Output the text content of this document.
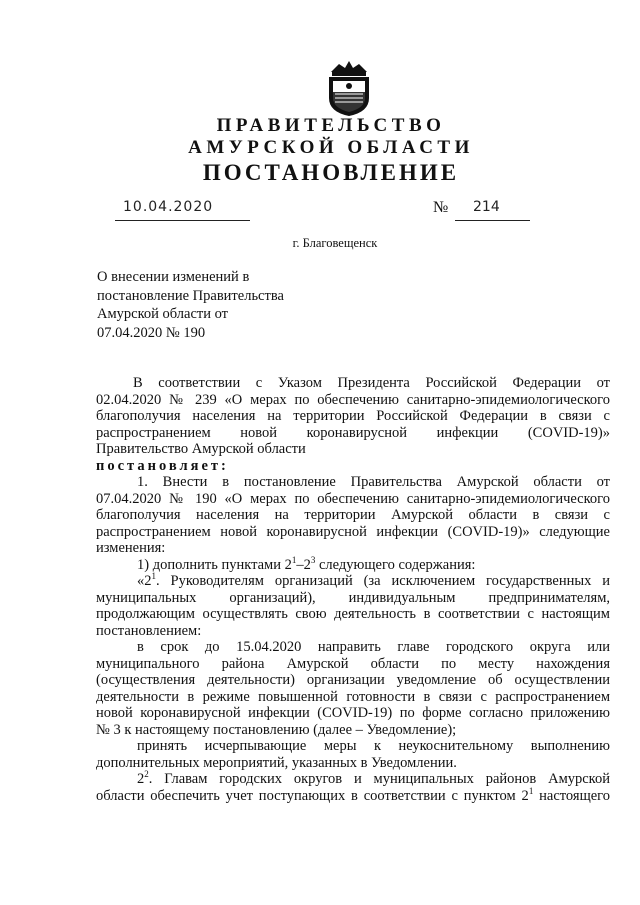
ПРАВИТЕЛЬСТВО
АМУРСКОЙ ОБЛАСТИ
ПОСТАНОВЛЕНИЕ
10.04.2020	№	214
г. Благовещенск
О внесении изменений в
постановление Правительства
Амурской области от
07.04.2020 № 190
В соответствии с Указом Президента Российской Федерации от
02.04.2020 № 239 «О мерах по обеспечению санитарно-эпидемиологического
благополучия населения на территории Российской Федерации в связи с
распространением новой коронавирусной инфекции (COVID-19)»
Правительство Амурской области
постановляет:
1. Внести в постановление Правительства Амурской области от
07.04.2020 № 190 «О мерах по обеспечению санитарно-эпидемиологического
благополучия населения на территории Амурской области в связи с
распространением новой коронавирусной инфекции (COVID-19)» следующие
изменения:
1) дополнить пунктами $2^1-2^3$ следующего содержания:
«$2^1$. Руководителям организаций (за исключением государственных и
муниципальных организаций), индивидуальным предпринимателям,
продолжающим осуществлять свою деятельность в соответствии с настоящим
постановлением:
в срок до 15.04.2020 направить главе городского округа или
муниципального района Амурской области по месту нахождения
(осуществления деятельности) организации уведомление об осуществлении
деятельности в режиме повышенной готовности в связи с распространением
новой коронавирусной инфекции (COVID-19) по форме согласно приложению
№ 3 к настоящему постановлению (далее – Уведомление);
принять исчерпывающие меры к неукоснительному выполнению
дополнительных мероприятий, указанных в Уведомлении.
$2^2$. Главам городских округов и муниципальных районов Амурской
области обеспечить учет поступающих в соответствии с пунктом $2^1$ настоящего
